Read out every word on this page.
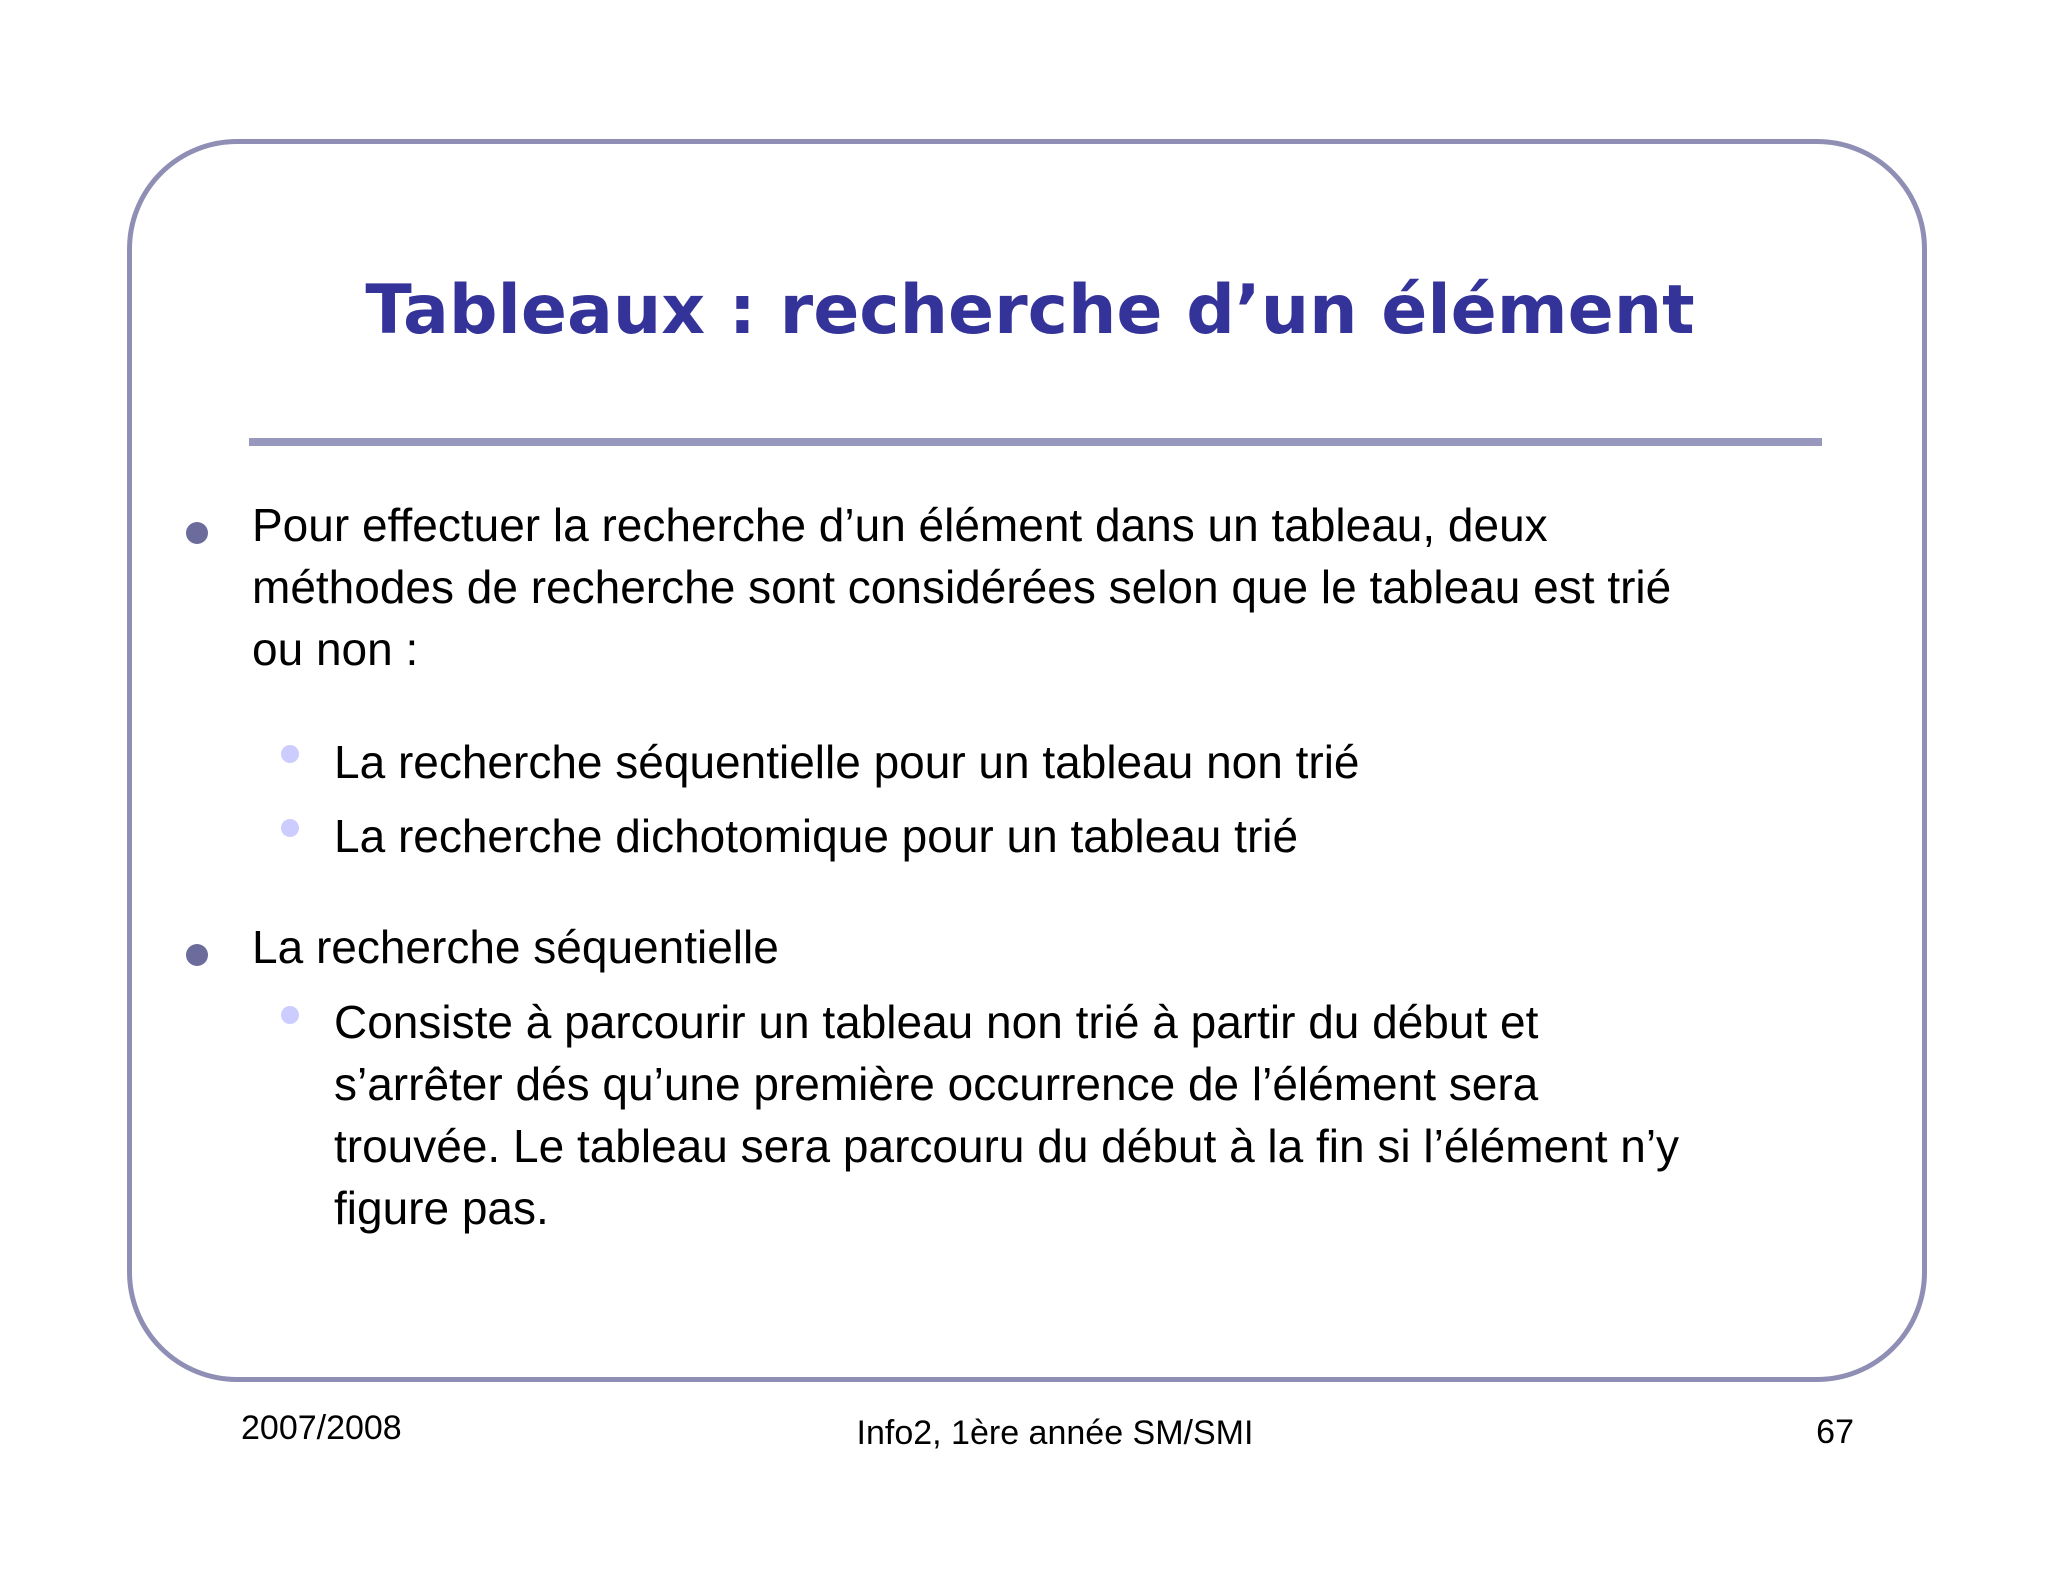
Tableaux : recherche d’un élément
Pour effectuer la recherche d’un élément dans un tableau, deux
méthodes de recherche sont considérées selon que le tableau est trié
ou non :
La recherche séquentielle pour un tableau non trié
La recherche dichotomique pour un tableau trié
La recherche séquentielle
Consiste à parcourir un tableau non trié à partir du début et
s’arrêter dés qu’une première occurrence de l’élément sera
trouvée. Le tableau sera parcouru du début à la fin si l’élément n’y
figure pas.
2007/2008	Info2, 1ère année SM/SMI	67
